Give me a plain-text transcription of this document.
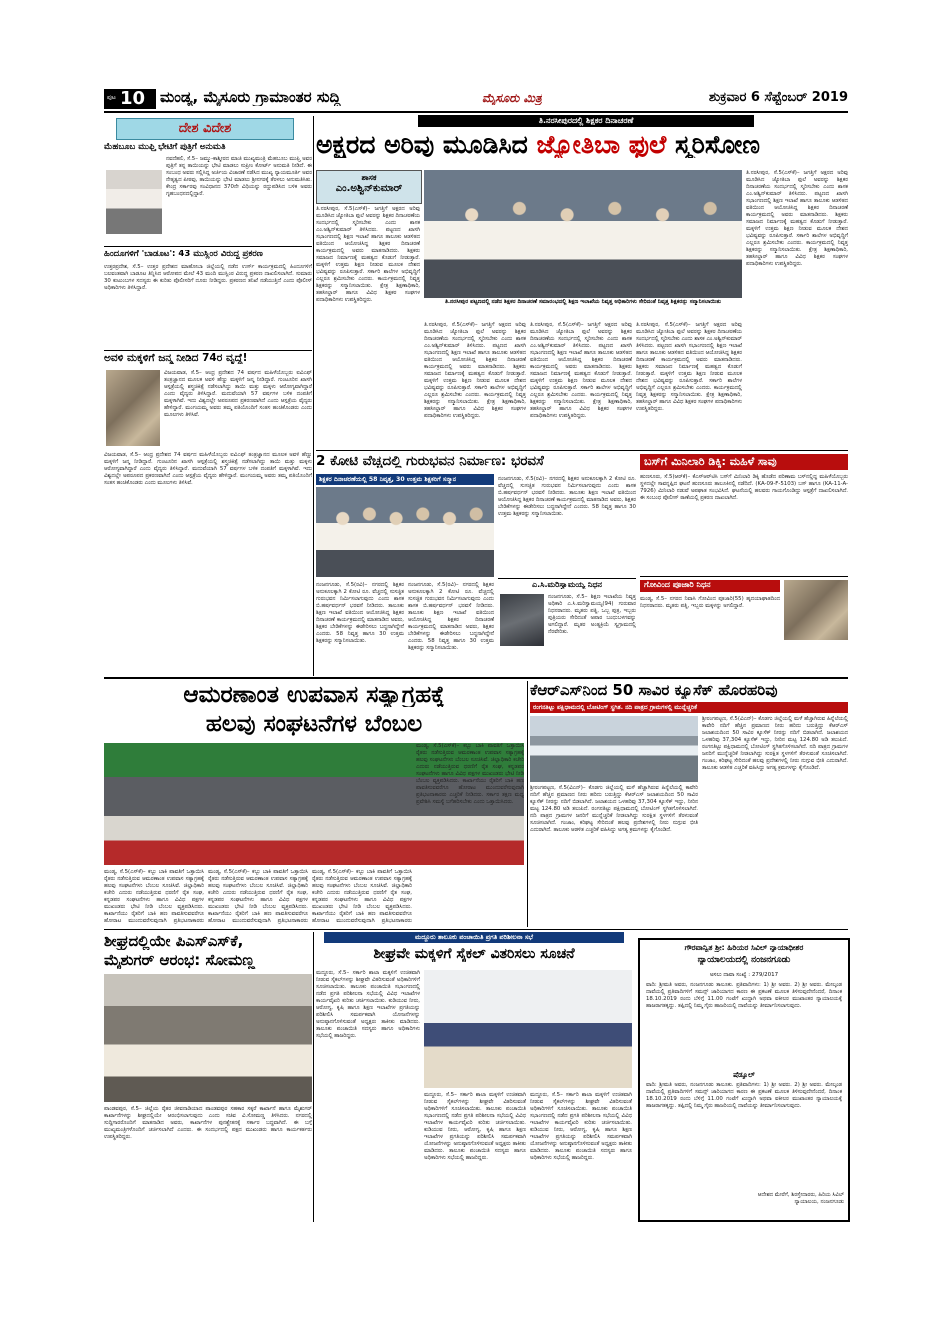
ಪುಟ 10 ಮಂಡ್ಯ, ಮೈಸೂರು ಗ್ರಾಮಾಂತರ ಸುದ್ದಿ	ಮೈಸೂರು ಮಿತ್ರ	ಶುಕ್ರವಾರ 6 ಸೆಪ್ಟೆಂಬರ್ 2019
ದೇಶ ವಿದೇಶ
ಮೆಹಬೂಬ ಮುಫ್ತಿ ಭೇಟಿಗೆ ಪುತ್ರಿಗೆ ಅನುಮತಿ
ನವದೆಹಲಿ, ಸೆ.5– ಜಮ್ಮು-ಕಾಶ್ಮೀರದ ಮಾಜಿ ಮುಖ್ಯಮಂತ್ರಿ ಮೆಹಬೂಬ ಮುಫ್ತಿ ಅವರ ಪುತ್ರಿಗೆ ತನ್ನ ತಾಯಿಯನ್ನು ಭೇಟಿ ಮಾಡಲು ಸುಪ್ರೀಂ ಕೋರ್ಟ್ ಅನುಮತಿ ನೀಡಿದೆ. ಈ ಸಂಬಂಧ ಅವರು ಸಲ್ಲಿಸಿದ್ದ ಅರ್ಜಿಯ ವಿಚಾರಣೆ ನಡೆಸಿದ ಮುಖ್ಯ ನ್ಯಾಯಮೂರ್ತಿ ಅವರ ನೇತೃತ್ವದ ಪೀಠವು, ತಾಯಿಯನ್ನು ಭೇಟಿ ಮಾಡಲು ಶ್ರೀನಗರಕ್ಕೆ ತೆರಳಲು ಅನುಮತಿಸಿತು. ಕೇಂದ್ರ ಸರ್ಕಾರವು ಸಂವಿಧಾನದ 370ನೇ ವಿಧಿಯನ್ನು ರದ್ದುಪಡಿಸಿದ ಬಳಿಕ ಅವರು ಗೃಹಬಂಧನದಲ್ಲಿದ್ದಾರೆ.
ಹಿಂದೂಗಳಿಗೆ 'ಬಾಡೂಟ': 43 ಮುಸ್ಲಿಂರ ವಿರುದ್ಧ ಪ್ರಕರಣ
ಉತ್ತರಪ್ರದೇಶ, ಸೆ.5– ಉತ್ತರ ಪ್ರದೇಶದ ಮಾಹೋಬಾ ಜಿಲ್ಲೆಯಲ್ಲಿ ನಡೆದ ಉರ್ಸ್ ಕಾರ್ಯಕ್ರಮದಲ್ಲಿ ಹಿಂದೂಗಳಿಗೆ ಬಲವಂತವಾಗಿ ಬಾಡೂಟ ತಿನ್ನಿಸಿದ ಆರೋಪದ ಮೇಲೆ 43 ಮಂದಿ ಮುಸ್ಲಿಂರ ವಿರುದ್ಧ ಪ್ರಕರಣ ದಾಖಲಿಸಲಾಗಿದೆ. ಸುಮಾರು 30 ಕುಟುಂಬಗಳ ಸದಸ್ಯರು ಈ ಕುರಿತು ಪೊಲೀಸರಿಗೆ ದೂರು ನೀಡಿದ್ದರು. ಪ್ರಕರಣದ ತನಿಖೆ ನಡೆಯುತ್ತಿದೆ ಎಂದು ಪೊಲೀಸ್ ಅಧಿಕಾರಿಗಳು ತಿಳಿಸಿದ್ದಾರೆ.
ಅವಳಿ ಮಕ್ಕಳಿಗೆ ಜನ್ಮ ನೀಡಿದ 74ರ ವೃದ್ಧೆ!
ವಿಜಯವಾಡ, ಸೆ.5– ಆಂಧ್ರ ಪ್ರದೇಶದ 74 ವರ್ಷದ ಮಹಿಳೆಯೊಬ್ಬರು ಐವಿಎಫ್ ತಂತ್ರಜ್ಞಾನದ ಮೂಲಕ ಅವಳಿ ಹೆಣ್ಣು ಮಕ್ಕಳಿಗೆ ಜನ್ಮ ನೀಡಿದ್ದಾರೆ. ಗುಂಟೂರಿನ ಖಾಸಗಿ ಆಸ್ಪತ್ರೆಯಲ್ಲಿ ಶಸ್ತ್ರಚಿಕಿತ್ಸೆ ನಡೆಸಲಾಗಿದ್ದು ತಾಯಿ ಮತ್ತು ಮಕ್ಕಳು ಆರೋಗ್ಯವಾಗಿದ್ದಾರೆ ಎಂದು ವೈದ್ಯರು ತಿಳಿಸಿದ್ದಾರೆ. ಮದುವೆಯಾಗಿ 57 ವರ್ಷಗಳ ಬಳಿಕ ದಂಪತಿಗೆ ಮಕ್ಕಳಾಗಿವೆ. ಇದು ವಿಶ್ವದಲ್ಲೇ ಅಪರೂಪದ ಪ್ರಕರಣವಾಗಿದೆ ಎಂದು ಆಸ್ಪತ್ರೆಯ ವೈದ್ಯರು ಹೇಳಿದ್ದಾರೆ. ಮಂಗಯಮ್ಮ ಅವರು ತಮ್ಮ ಪತಿಯೊಂದಿಗೆ ಸಂತಸ ಹಂಚಿಕೊಂಡರು ಎಂದು ಮೂಲಗಳು ತಿಳಿಸಿವೆ.
ವಿಜಯವಾಡ, ಸೆ.5– ಆಂಧ್ರ ಪ್ರದೇಶದ 74 ವರ್ಷದ ಮಹಿಳೆಯೊಬ್ಬರು ಐವಿಎಫ್ ತಂತ್ರಜ್ಞಾನದ ಮೂಲಕ ಅವಳಿ ಹೆಣ್ಣು ಮಕ್ಕಳಿಗೆ ಜನ್ಮ ನೀಡಿದ್ದಾರೆ. ಗುಂಟೂರಿನ ಖಾಸಗಿ ಆಸ್ಪತ್ರೆಯಲ್ಲಿ ಶಸ್ತ್ರಚಿಕಿತ್ಸೆ ನಡೆಸಲಾಗಿದ್ದು ತಾಯಿ ಮತ್ತು ಮಕ್ಕಳು ಆರೋಗ್ಯವಾಗಿದ್ದಾರೆ ಎಂದು ವೈದ್ಯರು ತಿಳಿಸಿದ್ದಾರೆ. ಮದುವೆಯಾಗಿ 57 ವರ್ಷಗಳ ಬಳಿಕ ದಂಪತಿಗೆ ಮಕ್ಕಳಾಗಿವೆ. ಇದು ವಿಶ್ವದಲ್ಲೇ ಅಪರೂಪದ ಪ್ರಕರಣವಾಗಿದೆ ಎಂದು ಆಸ್ಪತ್ರೆಯ ವೈದ್ಯರು ಹೇಳಿದ್ದಾರೆ. ಮಂಗಯಮ್ಮ ಅವರು ತಮ್ಮ ಪತಿಯೊಂದಿಗೆ ಸಂತಸ ಹಂಚಿಕೊಂಡರು ಎಂದು ಮೂಲಗಳು ತಿಳಿಸಿವೆ.
ತಿ.ನರಸೀಪುರದಲ್ಲಿ ಶಿಕ್ಷಕರ ದಿನಾಚರಣೆ
ಅಕ್ಷರದ ಅರಿವು ಮೂಡಿಸಿದ ಜ್ಯೋತಿಬಾ ಫುಲೆ ಸ್ಮರಿಸೋಣ
ಶಾಸಕ
ಎಂ.ಅಶ್ವಿನ್‌ಕುಮಾರ್
ತಿ.ನರಸೀಪುರ, ಸೆ.5(ಎಸ್‌ಕೆ)– ಜಗತ್ತಿಗೆ ಅಕ್ಷರದ ಅರಿವು ಮೂಡಿಸಿದ ಜ್ಯೋತಿಬಾ ಫುಲೆ ಅವರನ್ನು ಶಿಕ್ಷಕರ ದಿನಾಚರಣೆಯ ಸಂದರ್ಭದಲ್ಲಿ ಸ್ಮರಿಸಬೇಕು ಎಂದು ಶಾಸಕ ಎಂ.ಅಶ್ವಿನ್‌ಕುಮಾರ್ ತಿಳಿಸಿದರು. ಪಟ್ಟಣದ ಖಾಸಗಿ ಸಭಾಂಗಣದಲ್ಲಿ ಶಿಕ್ಷಣ ಇಲಾಖೆ ಹಾಗೂ ತಾಲೂಕು ಆಡಳಿತದ ವತಿಯಿಂದ ಆಯೋಜಿಸಿದ್ದ ಶಿಕ್ಷಕರ ದಿನಾಚರಣೆ ಕಾರ್ಯಕ್ರಮದಲ್ಲಿ ಅವರು ಮಾತನಾಡಿದರು. ಶಿಕ್ಷಕರು ಸಮಾಜದ ನಿರ್ಮಾಣಕ್ಕೆ ಮಹತ್ವದ ಕೊಡುಗೆ ನೀಡುತ್ತಾರೆ. ಮಕ್ಕಳಿಗೆ ಉತ್ತಮ ಶಿಕ್ಷಣ ನೀಡುವ ಮೂಲಕ ದೇಶದ ಭವಿಷ್ಯವನ್ನು ರೂಪಿಸುತ್ತಾರೆ. ಸರ್ಕಾರಿ ಶಾಲೆಗಳ ಅಭಿವೃದ್ಧಿಗೆ ಎಲ್ಲರೂ ಶ್ರಮಿಸಬೇಕು ಎಂದರು. ಕಾರ್ಯಕ್ರಮದಲ್ಲಿ ನಿವೃತ್ತ ಶಿಕ್ಷಕರನ್ನು ಸನ್ಮಾನಿಸಲಾಯಿತು. ಕ್ಷೇತ್ರ ಶಿಕ್ಷಣಾಧಿಕಾರಿ, ತಹಸೀಲ್ದಾರ್ ಹಾಗೂ ವಿವಿಧ ಶಿಕ್ಷಕರ ಸಂಘಗಳ ಪದಾಧಿಕಾರಿಗಳು ಉಪಸ್ಥಿತರಿದ್ದರು.	ತಿ.ನರಸೀಪುರ ಪಟ್ಟಣದಲ್ಲಿ ನಡೆದ ಶಿಕ್ಷಕರ ದಿನಾಚರಣೆ ಸಮಾರಂಭದಲ್ಲಿ ಶಿಕ್ಷಣ ಇಲಾಖೆಯ ನಿವೃತ್ತ ಅಧಿಕಾರಿಗಳು ಸೇರಿದಂತೆ ನಿವೃತ್ತ ಶಿಕ್ಷಕರನ್ನು ಸನ್ಮಾನಿಸಲಾಯಿತು
ತಿ.ನರಸೀಪುರ, ಸೆ.5(ಎಸ್‌ಕೆ)– ಜಗತ್ತಿಗೆ ಅಕ್ಷರದ ಅರಿವು ಮೂಡಿಸಿದ ಜ್ಯೋತಿಬಾ ಫುಲೆ ಅವರನ್ನು ಶಿಕ್ಷಕರ ದಿನಾಚರಣೆಯ ಸಂದರ್ಭದಲ್ಲಿ ಸ್ಮರಿಸಬೇಕು ಎಂದು ಶಾಸಕ ಎಂ.ಅಶ್ವಿನ್‌ಕುಮಾರ್ ತಿಳಿಸಿದರು. ಪಟ್ಟಣದ ಖಾಸಗಿ ಸಭಾಂಗಣದಲ್ಲಿ ಶಿಕ್ಷಣ ಇಲಾಖೆ ಹಾಗೂ ತಾಲೂಕು ಆಡಳಿತದ ವತಿಯಿಂದ ಆಯೋಜಿಸಿದ್ದ ಶಿಕ್ಷಕರ ದಿನಾಚರಣೆ ಕಾರ್ಯಕ್ರಮದಲ್ಲಿ ಅವರು ಮಾತನಾಡಿದರು. ಶಿಕ್ಷಕರು ಸಮಾಜದ ನಿರ್ಮಾಣಕ್ಕೆ ಮಹತ್ವದ ಕೊಡುಗೆ ನೀಡುತ್ತಾರೆ. ಮಕ್ಕಳಿಗೆ ಉತ್ತಮ ಶಿಕ್ಷಣ ನೀಡುವ ಮೂಲಕ ದೇಶದ ಭವಿಷ್ಯವನ್ನು ರೂಪಿಸುತ್ತಾರೆ. ಸರ್ಕಾರಿ ಶಾಲೆಗಳ ಅಭಿವೃದ್ಧಿಗೆ ಎಲ್ಲರೂ ಶ್ರಮಿಸಬೇಕು ಎಂದರು. ಕಾರ್ಯಕ್ರಮದಲ್ಲಿ ನಿವೃತ್ತ ಶಿಕ್ಷಕರನ್ನು ಸನ್ಮಾನಿಸಲಾಯಿತು. ಕ್ಷೇತ್ರ ಶಿಕ್ಷಣಾಧಿಕಾರಿ, ತಹಸೀಲ್ದಾರ್ ಹಾಗೂ ವಿವಿಧ ಶಿಕ್ಷಕರ ಸಂಘಗಳ ಪದಾಧಿಕಾರಿಗಳು ಉಪಸ್ಥಿತರಿದ್ದರು.
ತಿ.ನರಸೀಪುರ, ಸೆ.5(ಎಸ್‌ಕೆ)– ಜಗತ್ತಿಗೆ ಅಕ್ಷರದ ಅರಿವು ಮೂಡಿಸಿದ ಜ್ಯೋತಿಬಾ ಫುಲೆ ಅವರನ್ನು ಶಿಕ್ಷಕರ ದಿನಾಚರಣೆಯ ಸಂದರ್ಭದಲ್ಲಿ ಸ್ಮರಿಸಬೇಕು ಎಂದು ಶಾಸಕ ಎಂ.ಅಶ್ವಿನ್‌ಕುಮಾರ್ ತಿಳಿಸಿದರು. ಪಟ್ಟಣದ ಖಾಸಗಿ ಸಭಾಂಗಣದಲ್ಲಿ ಶಿಕ್ಷಣ ಇಲಾಖೆ ಹಾಗೂ ತಾಲೂಕು ಆಡಳಿತದ ವತಿಯಿಂದ ಆಯೋಜಿಸಿದ್ದ ಶಿಕ್ಷಕರ ದಿನಾಚರಣೆ ಕಾರ್ಯಕ್ರಮದಲ್ಲಿ ಅವರು ಮಾತನಾಡಿದರು. ಶಿಕ್ಷಕರು ಸಮಾಜದ ನಿರ್ಮಾಣಕ್ಕೆ ಮಹತ್ವದ ಕೊಡುಗೆ ನೀಡುತ್ತಾರೆ. ಮಕ್ಕಳಿಗೆ ಉತ್ತಮ ಶಿಕ್ಷಣ ನೀಡುವ ಮೂಲಕ ದೇಶದ ಭವಿಷ್ಯವನ್ನು ರೂಪಿಸುತ್ತಾರೆ. ಸರ್ಕಾರಿ ಶಾಲೆಗಳ ಅಭಿವೃದ್ಧಿಗೆ ಎಲ್ಲರೂ ಶ್ರಮಿಸಬೇಕು ಎಂದರು. ಕಾರ್ಯಕ್ರಮದಲ್ಲಿ ನಿವೃತ್ತ ಶಿಕ್ಷಕರನ್ನು ಸನ್ಮಾನಿಸಲಾಯಿತು. ಕ್ಷೇತ್ರ ಶಿಕ್ಷಣಾಧಿಕಾರಿ, ತಹಸೀಲ್ದಾರ್ ಹಾಗೂ ವಿವಿಧ ಶಿಕ್ಷಕರ ಸಂಘಗಳ ಪದಾಧಿಕಾರಿಗಳು ಉಪಸ್ಥಿತರಿದ್ದರು.
ತಿ.ನರಸೀಪುರ, ಸೆ.5(ಎಸ್‌ಕೆ)– ಜಗತ್ತಿಗೆ ಅಕ್ಷರದ ಅರಿವು ಮೂಡಿಸಿದ ಜ್ಯೋತಿಬಾ ಫುಲೆ ಅವರನ್ನು ಶಿಕ್ಷಕರ ದಿನಾಚರಣೆಯ ಸಂದರ್ಭದಲ್ಲಿ ಸ್ಮರಿಸಬೇಕು ಎಂದು ಶಾಸಕ ಎಂ.ಅಶ್ವಿನ್‌ಕುಮಾರ್ ತಿಳಿಸಿದರು. ಪಟ್ಟಣದ ಖಾಸಗಿ ಸಭಾಂಗಣದಲ್ಲಿ ಶಿಕ್ಷಣ ಇಲಾಖೆ ಹಾಗೂ ತಾಲೂಕು ಆಡಳಿತದ ವತಿಯಿಂದ ಆಯೋಜಿಸಿದ್ದ ಶಿಕ್ಷಕರ ದಿನಾಚರಣೆ ಕಾರ್ಯಕ್ರಮದಲ್ಲಿ ಅವರು ಮಾತನಾಡಿದರು. ಶಿಕ್ಷಕರು ಸಮಾಜದ ನಿರ್ಮಾಣಕ್ಕೆ ಮಹತ್ವದ ಕೊಡುಗೆ ನೀಡುತ್ತಾರೆ. ಮಕ್ಕಳಿಗೆ ಉತ್ತಮ ಶಿಕ್ಷಣ ನೀಡುವ ಮೂಲಕ ದೇಶದ ಭವಿಷ್ಯವನ್ನು ರೂಪಿಸುತ್ತಾರೆ. ಸರ್ಕಾರಿ ಶಾಲೆಗಳ ಅಭಿವೃದ್ಧಿಗೆ ಎಲ್ಲರೂ ಶ್ರಮಿಸಬೇಕು ಎಂದರು. ಕಾರ್ಯಕ್ರಮದಲ್ಲಿ ನಿವೃತ್ತ ಶಿಕ್ಷಕರನ್ನು ಸನ್ಮಾನಿಸಲಾಯಿತು. ಕ್ಷೇತ್ರ ಶಿಕ್ಷಣಾಧಿಕಾರಿ, ತಹಸೀಲ್ದಾರ್ ಹಾಗೂ ವಿವಿಧ ಶಿಕ್ಷಕರ ಸಂಘಗಳ ಪದಾಧಿಕಾರಿಗಳು ಉಪಸ್ಥಿತರಿದ್ದರು.
ತಿ.ನರಸೀಪುರ, ಸೆ.5(ಎಸ್‌ಕೆ)– ಜಗತ್ತಿಗೆ ಅಕ್ಷರದ ಅರಿವು ಮೂಡಿಸಿದ ಜ್ಯೋತಿಬಾ ಫುಲೆ ಅವರನ್ನು ಶಿಕ್ಷಕರ ದಿನಾಚರಣೆಯ ಸಂದರ್ಭದಲ್ಲಿ ಸ್ಮರಿಸಬೇಕು ಎಂದು ಶಾಸಕ ಎಂ.ಅಶ್ವಿನ್‌ಕುಮಾರ್ ತಿಳಿಸಿದರು. ಪಟ್ಟಣದ ಖಾಸಗಿ ಸಭಾಂಗಣದಲ್ಲಿ ಶಿಕ್ಷಣ ಇಲಾಖೆ ಹಾಗೂ ತಾಲೂಕು ಆಡಳಿತದ ವತಿಯಿಂದ ಆಯೋಜಿಸಿದ್ದ ಶಿಕ್ಷಕರ ದಿನಾಚರಣೆ ಕಾರ್ಯಕ್ರಮದಲ್ಲಿ ಅವರು ಮಾತನಾಡಿದರು. ಶಿಕ್ಷಕರು ಸಮಾಜದ ನಿರ್ಮಾಣಕ್ಕೆ ಮಹತ್ವದ ಕೊಡುಗೆ ನೀಡುತ್ತಾರೆ. ಮಕ್ಕಳಿಗೆ ಉತ್ತಮ ಶಿಕ್ಷಣ ನೀಡುವ ಮೂಲಕ ದೇಶದ ಭವಿಷ್ಯವನ್ನು ರೂಪಿಸುತ್ತಾರೆ. ಸರ್ಕಾರಿ ಶಾಲೆಗಳ ಅಭಿವೃದ್ಧಿಗೆ ಎಲ್ಲರೂ ಶ್ರಮಿಸಬೇಕು ಎಂದರು. ಕಾರ್ಯಕ್ರಮದಲ್ಲಿ ನಿವೃತ್ತ ಶಿಕ್ಷಕರನ್ನು ಸನ್ಮಾನಿಸಲಾಯಿತು. ಕ್ಷೇತ್ರ ಶಿಕ್ಷಣಾಧಿಕಾರಿ, ತಹಸೀಲ್ದಾರ್ ಹಾಗೂ ವಿವಿಧ ಶಿಕ್ಷಕರ ಸಂಘಗಳ ಪದಾಧಿಕಾರಿಗಳು ಉಪಸ್ಥಿತರಿದ್ದರು.
2 ಕೋಟಿ ವೆಚ್ಚದಲ್ಲಿ ಗುರುಭವನ ನಿರ್ಮಾಣ: ಭರವಸೆ
ಶಿಕ್ಷಕರ ದಿನಾಚರಣೆಯಲ್ಲಿ 58 ನಿವೃತ್ತ, 30 ಉತ್ತಮ ಶಿಕ್ಷಕರಿಗೆ ಸನ್ಮಾನ
ನಂಜನಗೂಡು, ಸೆ.5(ರವಿ)– ನಗರದಲ್ಲಿ ಶಿಕ್ಷಕರ ಅನುಕೂಲಕ್ಕಾಗಿ 2 ಕೋಟಿ ರೂ. ವೆಚ್ಚದಲ್ಲಿ ಸುಸಜ್ಜಿತ ಗುರುಭವನ ನಿರ್ಮಿಸಲಾಗುವುದು ಎಂದು ಶಾಸಕ ಬಿ.ಹರ್ಷವರ್ಧನ್ ಭರವಸೆ ನೀಡಿದರು. ತಾಲೂಕು ಶಿಕ್ಷಣ ಇಲಾಖೆ ವತಿಯಿಂದ ಆಯೋಜಿಸಿದ್ದ ಶಿಕ್ಷಕರ ದಿನಾಚರಣೆ ಕಾರ್ಯಕ್ರಮದಲ್ಲಿ ಮಾತನಾಡಿದ ಅವರು, ಶಿಕ್ಷಕರ ಬೇಡಿಕೆಗಳನ್ನು ಈಡೇರಿಸಲು ಬದ್ಧನಾಗಿದ್ದೇನೆ ಎಂದರು. 58 ನಿವೃತ್ತ ಹಾಗೂ 30 ಉತ್ತಮ ಶಿಕ್ಷಕರನ್ನು ಸನ್ಮಾನಿಸಲಾಯಿತು.
ನಂಜನಗೂಡು, ಸೆ.5(ರವಿ)– ನಗರದಲ್ಲಿ ಶಿಕ್ಷಕರ ಅನುಕೂಲಕ್ಕಾಗಿ 2 ಕೋಟಿ ರೂ. ವೆಚ್ಚದಲ್ಲಿ ಸುಸಜ್ಜಿತ ಗುರುಭವನ ನಿರ್ಮಿಸಲಾಗುವುದು ಎಂದು ಶಾಸಕ ಬಿ.ಹರ್ಷವರ್ಧನ್ ಭರವಸೆ ನೀಡಿದರು. ತಾಲೂಕು ಶಿಕ್ಷಣ ಇಲಾಖೆ ವತಿಯಿಂದ ಆಯೋಜಿಸಿದ್ದ ಶಿಕ್ಷಕರ ದಿನಾಚರಣೆ ಕಾರ್ಯಕ್ರಮದಲ್ಲಿ ಮಾತನಾಡಿದ ಅವರು, ಶಿಕ್ಷಕರ ಬೇಡಿಕೆಗಳನ್ನು ಈಡೇರಿಸಲು ಬದ್ಧನಾಗಿದ್ದೇನೆ ಎಂದರು. 58 ನಿವೃತ್ತ ಹಾಗೂ 30 ಉತ್ತಮ ಶಿಕ್ಷಕರನ್ನು ಸನ್ಮಾನಿಸಲಾಯಿತು.
ನಂಜನಗೂಡು, ಸೆ.5(ರವಿ)– ನಗರದಲ್ಲಿ ಶಿಕ್ಷಕರ ಅನುಕೂಲಕ್ಕಾಗಿ 2 ಕೋಟಿ ರೂ. ವೆಚ್ಚದಲ್ಲಿ ಸುಸಜ್ಜಿತ ಗುರುಭವನ ನಿರ್ಮಿಸಲಾಗುವುದು ಎಂದು ಶಾಸಕ ಬಿ.ಹರ್ಷವರ್ಧನ್ ಭರವಸೆ ನೀಡಿದರು. ತಾಲೂಕು ಶಿಕ್ಷಣ ಇಲಾಖೆ ವತಿಯಿಂದ ಆಯೋಜಿಸಿದ್ದ ಶಿಕ್ಷಕರ ದಿನಾಚರಣೆ ಕಾರ್ಯಕ್ರಮದಲ್ಲಿ ಮಾತನಾಡಿದ ಅವರು, ಶಿಕ್ಷಕರ ಬೇಡಿಕೆಗಳನ್ನು ಈಡೇರಿಸಲು ಬದ್ಧನಾಗಿದ್ದೇನೆ ಎಂದರು. 58 ನಿವೃತ್ತ ಹಾಗೂ 30 ಉತ್ತಮ ಶಿಕ್ಷಕರನ್ನು ಸನ್ಮಾನಿಸಲಾಯಿತು.
ಎ.ಸಿ.ಮರಿಸ್ವಾಮಯ್ಯ ನಿಧನ
ನಂಜನಗೂಡು, ಸೆ.5– ಶಿಕ್ಷಣ ಇಲಾಖೆಯ ನಿವೃತ್ತ ಅಧಿಕಾರಿ ಎ.ಸಿ.ಮರಿಸ್ವಾಮಯ್ಯ(94) ಗುರುವಾರ ನಿಧನರಾದರು. ಮೃತರು ಪತ್ನಿ, ಒಬ್ಬ ಪುತ್ರ, ಇಬ್ಬರು ಪುತ್ರಿಯರು ಸೇರಿದಂತೆ ಅಪಾರ ಬಂಧುಬಳಗವನ್ನು ಅಗಲಿದ್ದಾರೆ. ಮೃತರ ಅಂತ್ಯಕ್ರಿಯೆ ಸ್ವಗ್ರಾಮದಲ್ಲಿ ನೆರವೇರಿತು.
ಬಸ್‌ಗೆ ಮಿನಿಲಾರಿ ಡಿಕ್ಕಿ: ಮಹಿಳೆ ಸಾವು
ಹುಣಸೂರು, ಸೆ.5(ಆರ್‌ಕೆ)– ಕೆಎಸ್‌ಆರ್‌ಟಿಸಿ ಬಸ್‌ಗೆ ಮಿನಿಲಾರಿ ಡಿಕ್ಕಿ ಹೊಡೆದ ಪರಿಣಾಮ ಬಸ್‌ನಲ್ಲಿದ್ದ ಮಹಿಳೆಯೊಬ್ಬರು ಸ್ಥಳದಲ್ಲೇ ಸಾವನ್ನಪ್ಪಿದ ಘಟನೆ ಹುಣಸೂರು ತಾಲೂಕಿನಲ್ಲಿ ನಡೆದಿದೆ. (KA-09-F-5103) ಬಸ್ ಹಾಗೂ (KA-11-A-7926) ಮಿನಿಲಾರಿ ನಡುವೆ ಅಪಘಾತ ಸಂಭವಿಸಿದೆ. ಘಟನೆಯಲ್ಲಿ ಹಲವರು ಗಾಯಗೊಂಡಿದ್ದು ಆಸ್ಪತ್ರೆಗೆ ದಾಖಲಿಸಲಾಗಿದೆ. ಈ ಸಂಬಂಧ ಪೊಲೀಸ್ ಠಾಣೆಯಲ್ಲಿ ಪ್ರಕರಣ ದಾಖಲಾಗಿದೆ.
ಗೋವಿಂದ ಪೂಜಾರಿ ನಿಧನ
ಮಂಡ್ಯ, ಸೆ.5– ನಗರದ ನಿವಾಸಿ ಗೋವಿಂದ ಪೂಜಾರಿ(55) ಹೃದಯಾಘಾತದಿಂದ ನಿಧನರಾದರು. ಮೃತರು ಪತ್ನಿ, ಇಬ್ಬರು ಮಕ್ಕಳನ್ನು ಅಗಲಿದ್ದಾರೆ.
ಆಮರಣಾಂತ ಉಪವಾಸ ಸತ್ಯಾಗ್ರಹಕ್ಕೆ
ಹಲವು ಸಂಘಟನೆಗಳ ಬೆಂಬಲ
ಮಂಡ್ಯ, ಸೆ.5(ಎಸ್‌ಕೆ)– ಕಬ್ಬು ಬಾಕಿ ಪಾವತಿಗೆ ಒತ್ತಾಯಿಸಿ ರೈತರು ನಡೆಸುತ್ತಿರುವ ಆಮರಣಾಂತ ಉಪವಾಸ ಸತ್ಯಾಗ್ರಹಕ್ಕೆ ಹಲವು ಸಂಘಟನೆಗಳು ಬೆಂಬಲ ಸೂಚಿಸಿವೆ. ಜಿಲ್ಲಾಧಿಕಾರಿ ಕಚೇರಿ ಎದುರು ನಡೆಯುತ್ತಿರುವ ಧರಣಿಗೆ ರೈತ ಸಂಘ, ಕನ್ನಡಪರ ಸಂಘಟನೆಗಳು ಹಾಗೂ ವಿವಿಧ ಪಕ್ಷಗಳ ಮುಖಂಡರು ಭೇಟಿ ನೀಡಿ ಬೆಂಬಲ ವ್ಯಕ್ತಪಡಿಸಿದರು. ಕಾರ್ಖಾನೆಯು ರೈತರಿಗೆ ಬಾಕಿ ಹಣ ಪಾವತಿಸುವವರೆಗೂ ಹೋರಾಟ ಮುಂದುವರೆಸುವುದಾಗಿ ಪ್ರತಿಭಟನಾಕಾರರು
ಮಂಡ್ಯ, ಸೆ.5(ಎಸ್‌ಕೆ)– ಕಬ್ಬು ಬಾಕಿ ಪಾವತಿಗೆ ಒತ್ತಾಯಿಸಿ ರೈತರು ನಡೆಸುತ್ತಿರುವ ಆಮರಣಾಂತ ಉಪವಾಸ ಸತ್ಯಾಗ್ರಹಕ್ಕೆ ಹಲವು ಸಂಘಟನೆಗಳು ಬೆಂಬಲ ಸೂಚಿಸಿವೆ. ಜಿಲ್ಲಾಧಿಕಾರಿ ಕಚೇರಿ ಎದುರು ನಡೆಯುತ್ತಿರುವ ಧರಣಿಗೆ ರೈತ ಸಂಘ, ಕನ್ನಡಪರ ಸಂಘಟನೆಗಳು ಹಾಗೂ ವಿವಿಧ ಪಕ್ಷಗಳ ಮುಖಂಡರು ಭೇಟಿ ನೀಡಿ ಬೆಂಬಲ ವ್ಯಕ್ತಪಡಿಸಿದರು. ಕಾರ್ಖಾನೆಯು ರೈತರಿಗೆ ಬಾಕಿ ಹಣ ಪಾವತಿಸುವವರೆಗೂ ಹೋರಾಟ ಮುಂದುವರೆಸುವುದಾಗಿ ಪ್ರತಿಭಟನಾಕಾರರು
ಮಂಡ್ಯ, ಸೆ.5(ಎಸ್‌ಕೆ)– ಕಬ್ಬು ಬಾಕಿ ಪಾವತಿಗೆ ಒತ್ತಾಯಿಸಿ ರೈತರು ನಡೆಸುತ್ತಿರುವ ಆಮರಣಾಂತ ಉಪವಾಸ ಸತ್ಯಾಗ್ರಹಕ್ಕೆ ಹಲವು ಸಂಘಟನೆಗಳು ಬೆಂಬಲ ಸೂಚಿಸಿವೆ. ಜಿಲ್ಲಾಧಿಕಾರಿ ಕಚೇರಿ ಎದುರು ನಡೆಯುತ್ತಿರುವ ಧರಣಿಗೆ ರೈತ ಸಂಘ, ಕನ್ನಡಪರ ಸಂಘಟನೆಗಳು ಹಾಗೂ ವಿವಿಧ ಪಕ್ಷಗಳ ಮುಖಂಡರು ಭೇಟಿ ನೀಡಿ ಬೆಂಬಲ ವ್ಯಕ್ತಪಡಿಸಿದರು. ಕಾರ್ಖಾನೆಯು ರೈತರಿಗೆ ಬಾಕಿ ಹಣ ಪಾವತಿಸುವವರೆಗೂ ಹೋರಾಟ ಮುಂದುವರೆಸುವುದಾಗಿ ಪ್ರತಿಭಟನಾಕಾರರು
ಮಂಡ್ಯ, ಸೆ.5(ಎಸ್‌ಕೆ)– ಕಬ್ಬು ಬಾಕಿ ಪಾವತಿಗೆ ಒತ್ತಾಯಿಸಿ ರೈತರು ನಡೆಸುತ್ತಿರುವ ಆಮರಣಾಂತ ಉಪವಾಸ ಸತ್ಯಾಗ್ರಹಕ್ಕೆ ಹಲವು ಸಂಘಟನೆಗಳು ಬೆಂಬಲ ಸೂಚಿಸಿವೆ. ಜಿಲ್ಲಾಧಿಕಾರಿ ಕಚೇರಿ ಎದುರು ನಡೆಯುತ್ತಿರುವ ಧರಣಿಗೆ ರೈತ ಸಂಘ, ಕನ್ನಡಪರ ಸಂಘಟನೆಗಳು ಹಾಗೂ ವಿವಿಧ ಪಕ್ಷಗಳ ಮುಖಂಡರು ಭೇಟಿ ನೀಡಿ ಬೆಂಬಲ ವ್ಯಕ್ತಪಡಿಸಿದರು. ಕಾರ್ಖಾನೆಯು ರೈತರಿಗೆ ಬಾಕಿ ಹಣ ಪಾವತಿಸುವವರೆಗೂ ಹೋರಾಟ ಮುಂದುವರೆಸುವುದಾಗಿ ಪ್ರತಿಭಟನಾಕಾರರು ಎಚ್ಚರಿಕೆ ನೀಡಿದರು. ಸರ್ಕಾರ ತಕ್ಷಣ ಮಧ್ಯ ಪ್ರವೇಶಿಸಿ ಸಮಸ್ಯೆ ಬಗೆಹರಿಸಬೇಕು ಎಂದು ಒತ್ತಾಯಿಸಿದರು.
ಕೆಆರ್‌ಎಸ್‌ನಿಂದ 50 ಸಾವಿರ ಕ್ಯೂಸೆಕ್ ಹೊರಹರಿವು
ರಂಗನತಿಟ್ಟು ಪಕ್ಷಿಧಾಮದಲ್ಲಿ ಬೋಟಿಂಗ್ ಸ್ಥಗಿತ. ನದಿ ಪಾತ್ರದ ಗ್ರಾಮಗಳಲ್ಲಿ ಮುನ್ನೆಚ್ಚರಿಕೆ
ಶ್ರೀರಂಗಪಟ್ಟಣ, ಸೆ.5(ವಿಎನ್)– ಕೊಡಗು ಜಿಲ್ಲೆಯಲ್ಲಿ ಮಳೆ ಹೆಚ್ಚಾಗಿರುವ ಹಿನ್ನೆಲೆಯಲ್ಲಿ ಕಾವೇರಿ ನದಿಗೆ ಹೆಚ್ಚಿನ ಪ್ರಮಾಣದ ನೀರು ಹರಿದು ಬರುತ್ತಿದ್ದು ಕೆಆರ್‌ಎಸ್ ಜಲಾಶಯದಿಂದ 50 ಸಾವಿರ ಕ್ಯೂಸೆಕ್ ನೀರನ್ನು ನದಿಗೆ ಬಿಡಲಾಗಿದೆ. ಜಲಾಶಯದ ಒಳಹರಿವು 37,304 ಕ್ಯೂಸೆಕ್ ಇದ್ದು, ನೀರಿನ ಮಟ್ಟ 124.80 ಅಡಿ ತಲುಪಿದೆ. ರಂಗನತಿಟ್ಟು ಪಕ್ಷಿಧಾಮದಲ್ಲಿ ಬೋಟಿಂಗ್ ಸ್ಥಗಿತಗೊಳಿಸಲಾಗಿದೆ. ನದಿ ಪಾತ್ರದ ಗ್ರಾಮಗಳ ಜನರಿಗೆ ಮುನ್ನೆಚ್ಚರಿಕೆ ನೀಡಲಾಗಿದ್ದು ಸುರಕ್ಷಿತ ಸ್ಥಳಗಳಿಗೆ ತೆರಳುವಂತೆ ಸೂಚಿಸಲಾಗಿದೆ. ಗಂಜಾಂ, ಕರಿಘಟ್ಟ ಸೇರಿದಂತೆ ಹಲವು ಪ್ರದೇಶಗಳಲ್ಲಿ ನೀರು ನುಗ್ಗುವ ಭೀತಿ ಎದುರಾಗಿದೆ. ತಾಲೂಕು ಆಡಳಿತ ಎಚ್ಚರಿಕೆ ವಹಿಸಿದ್ದು ಅಗತ್ಯ ಕ್ರಮಗಳನ್ನು ಕೈಗೊಂಡಿದೆ.
ಶ್ರೀರಂಗಪಟ್ಟಣ, ಸೆ.5(ವಿಎನ್)– ಕೊಡಗು ಜಿಲ್ಲೆಯಲ್ಲಿ ಮಳೆ ಹೆಚ್ಚಾಗಿರುವ ಹಿನ್ನೆಲೆಯಲ್ಲಿ ಕಾವೇರಿ ನದಿಗೆ ಹೆಚ್ಚಿನ ಪ್ರಮಾಣದ ನೀರು ಹರಿದು ಬರುತ್ತಿದ್ದು ಕೆಆರ್‌ಎಸ್ ಜಲಾಶಯದಿಂದ 50 ಸಾವಿರ ಕ್ಯೂಸೆಕ್ ನೀರನ್ನು ನದಿಗೆ ಬಿಡಲಾಗಿದೆ. ಜಲಾಶಯದ ಒಳಹರಿವು 37,304 ಕ್ಯೂಸೆಕ್ ಇದ್ದು, ನೀರಿನ ಮಟ್ಟ 124.80 ಅಡಿ ತಲುಪಿದೆ. ರಂಗನತಿಟ್ಟು ಪಕ್ಷಿಧಾಮದಲ್ಲಿ ಬೋಟಿಂಗ್ ಸ್ಥಗಿತಗೊಳಿಸಲಾಗಿದೆ. ನದಿ ಪಾತ್ರದ ಗ್ರಾಮಗಳ ಜನರಿಗೆ ಮುನ್ನೆಚ್ಚರಿಕೆ ನೀಡಲಾಗಿದ್ದು ಸುರಕ್ಷಿತ ಸ್ಥಳಗಳಿಗೆ ತೆರಳುವಂತೆ ಸೂಚಿಸಲಾಗಿದೆ. ಗಂಜಾಂ, ಕರಿಘಟ್ಟ ಸೇರಿದಂತೆ ಹಲವು ಪ್ರದೇಶಗಳಲ್ಲಿ ನೀರು ನುಗ್ಗುವ ಭೀತಿ ಎದುರಾಗಿದೆ. ತಾಲೂಕು ಆಡಳಿತ ಎಚ್ಚರಿಕೆ ವಹಿಸಿದ್ದು ಅಗತ್ಯ ಕ್ರಮಗಳನ್ನು ಕೈಗೊಂಡಿದೆ.
ಶೀಘ್ರದಲ್ಲಿಯೇ ಪಿಎಸ್‌ಎಸ್‌ಕೆ,
ಮೈಶುಗರ್ ಆರಂಭ: ಸೋಮಣ್ಣ
ಪಾಂಡವಪುರ, ಸೆ.5– ಜಿಲ್ಲೆಯ ರೈತರ ಜೀವನಾಡಿಯಾದ ಪಾಂಡವಪುರ ಸಹಕಾರ ಸಕ್ಕರೆ ಕಾರ್ಖಾನೆ ಹಾಗೂ ಮೈಶುಗರ್ ಕಾರ್ಖಾನೆಗಳನ್ನು ಶೀಘ್ರದಲ್ಲಿಯೇ ಆರಂಭಿಸಲಾಗುವುದು ಎಂದು ಸಚಿವ ವಿ.ಸೋಮಣ್ಣ ತಿಳಿಸಿದರು. ನಗರದಲ್ಲಿ ಸುದ್ದಿಗಾರರೊಂದಿಗೆ ಮಾತನಾಡಿದ ಅವರು, ಕಾರ್ಖಾನೆಗಳ ಪುನಶ್ಚೇತನಕ್ಕೆ ಸರ್ಕಾರ ಬದ್ಧವಾಗಿದೆ. ಈ ಬಗ್ಗೆ ಮುಖ್ಯಮಂತ್ರಿಗಳೊಂದಿಗೆ ಚರ್ಚಿಸಲಾಗಿದೆ ಎಂದರು. ಈ ಸಂದರ್ಭದಲ್ಲಿ ಪಕ್ಷದ ಮುಖಂಡರು ಹಾಗೂ ಕಾರ್ಯಕರ್ತರು ಉಪಸ್ಥಿತರಿದ್ದರು.
ಮದ್ದೂರು ತಾಲೂಕು ಪಂಚಾಯಿತಿ ಪ್ರಗತಿ ಪರಿಶೀಲನಾ ಸಭೆ
ಶೀಘ್ರವೇ ಮಕ್ಕಳಿಗೆ ಸೈಕಲ್ ವಿತರಿಸಲು ಸೂಚನೆ
ಮದ್ದೂರು, ಸೆ.5– ಸರ್ಕಾರಿ ಶಾಲಾ ಮಕ್ಕಳಿಗೆ ಉಚಿತವಾಗಿ ನೀಡುವ ಸೈಕಲ್‌ಗಳನ್ನು ಶೀಘ್ರವೇ ವಿತರಿಸುವಂತೆ ಅಧಿಕಾರಿಗಳಿಗೆ ಸೂಚಿಸಲಾಯಿತು. ತಾಲೂಕು ಪಂಚಾಯಿತಿ ಸಭಾಂಗಣದಲ್ಲಿ ನಡೆದ ಪ್ರಗತಿ ಪರಿಶೀಲನಾ ಸಭೆಯಲ್ಲಿ ವಿವಿಧ ಇಲಾಖೆಗಳ ಕಾರ್ಯವೈಖರಿ ಕುರಿತು ಚರ್ಚಿಸಲಾಯಿತು. ಕುಡಿಯುವ ನೀರು, ಆರೋಗ್ಯ, ಕೃಷಿ ಹಾಗೂ ಶಿಕ್ಷಣ ಇಲಾಖೆಗಳ ಪ್ರಗತಿಯನ್ನು ಪರಿಶೀಲಿಸಿ ಸಮರ್ಪಕವಾಗಿ ಯೋಜನೆಗಳನ್ನು ಅನುಷ್ಠಾನಗೊಳಿಸುವಂತೆ ಅಧ್ಯಕ್ಷರು ತಾಕೀತು ಮಾಡಿದರು. ತಾಲೂಕು ಪಂಚಾಯಿತಿ ಸದಸ್ಯರು ಹಾಗೂ ಅಧಿಕಾರಿಗಳು ಸಭೆಯಲ್ಲಿ ಹಾಜರಿದ್ದರು.
ಮದ್ದೂರು, ಸೆ.5– ಸರ್ಕಾರಿ ಶಾಲಾ ಮಕ್ಕಳಿಗೆ ಉಚಿತವಾಗಿ ನೀಡುವ ಸೈಕಲ್‌ಗಳನ್ನು ಶೀಘ್ರವೇ ವಿತರಿಸುವಂತೆ ಅಧಿಕಾರಿಗಳಿಗೆ ಸೂಚಿಸಲಾಯಿತು. ತಾಲೂಕು ಪಂಚಾಯಿತಿ ಸಭಾಂಗಣದಲ್ಲಿ ನಡೆದ ಪ್ರಗತಿ ಪರಿಶೀಲನಾ ಸಭೆಯಲ್ಲಿ ವಿವಿಧ ಇಲಾಖೆಗಳ ಕಾರ್ಯವೈಖರಿ ಕುರಿತು ಚರ್ಚಿಸಲಾಯಿತು. ಕುಡಿಯುವ ನೀರು, ಆರೋಗ್ಯ, ಕೃಷಿ ಹಾಗೂ ಶಿಕ್ಷಣ ಇಲಾಖೆಗಳ ಪ್ರಗತಿಯನ್ನು ಪರಿಶೀಲಿಸಿ ಸಮರ್ಪಕವಾಗಿ ಯೋಜನೆಗಳನ್ನು ಅನುಷ್ಠಾನಗೊಳಿಸುವಂತೆ ಅಧ್ಯಕ್ಷರು ತಾಕೀತು ಮಾಡಿದರು. ತಾಲೂಕು ಪಂಚಾಯಿತಿ ಸದಸ್ಯರು ಹಾಗೂ ಅಧಿಕಾರಿಗಳು ಸಭೆಯಲ್ಲಿ ಹಾಜರಿದ್ದರು.
ಮದ್ದೂರು, ಸೆ.5– ಸರ್ಕಾರಿ ಶಾಲಾ ಮಕ್ಕಳಿಗೆ ಉಚಿತವಾಗಿ ನೀಡುವ ಸೈಕಲ್‌ಗಳನ್ನು ಶೀಘ್ರವೇ ವಿತರಿಸುವಂತೆ ಅಧಿಕಾರಿಗಳಿಗೆ ಸೂಚಿಸಲಾಯಿತು. ತಾಲೂಕು ಪಂಚಾಯಿತಿ ಸಭಾಂಗಣದಲ್ಲಿ ನಡೆದ ಪ್ರಗತಿ ಪರಿಶೀಲನಾ ಸಭೆಯಲ್ಲಿ ವಿವಿಧ ಇಲಾಖೆಗಳ ಕಾರ್ಯವೈಖರಿ ಕುರಿತು ಚರ್ಚಿಸಲಾಯಿತು. ಕುಡಿಯುವ ನೀರು, ಆರೋಗ್ಯ, ಕೃಷಿ ಹಾಗೂ ಶಿಕ್ಷಣ ಇಲಾಖೆಗಳ ಪ್ರಗತಿಯನ್ನು ಪರಿಶೀಲಿಸಿ ಸಮರ್ಪಕವಾಗಿ ಯೋಜನೆಗಳನ್ನು ಅನುಷ್ಠಾನಗೊಳಿಸುವಂತೆ ಅಧ್ಯಕ್ಷರು ತಾಕೀತು ಮಾಡಿದರು. ತಾಲೂಕು ಪಂಚಾಯಿತಿ ಸದಸ್ಯರು ಹಾಗೂ ಅಧಿಕಾರಿಗಳು ಸಭೆಯಲ್ಲಿ ಹಾಜರಿದ್ದರು.
ಗೌರವಾನ್ವಿತ ಶ್ರೀ: ಹಿರಿಯರ ಸಿವಿಲ್ ನ್ಯಾಯಾಧೀಶರ
ನ್ಯಾಯಾಲಯದಲ್ಲಿ ನಂಜನಗೂಡು
ಅಸಲು ದಾವಾ ಸಂಖ್ಯೆ : 279/2017
ವಾದಿ: ಶ್ರೀಮತಿ ಅವರು, ನಂಜನಗೂಡು ತಾಲೂಕು. ಪ್ರತಿವಾದಿಗಳು: 1) ಶ್ರೀ ಅವರು. 2) ಶ್ರೀ ಅವರು. ಮೇಲ್ಕಂಡ ದಾವೆಯಲ್ಲಿ ಪ್ರತಿವಾದಿಗಳಿಗೆ ಸಮನ್ಸ್ ಜಾರಿಯಾಗದ ಕಾರಣ ಈ ಪ್ರಕಟಣೆ ಮೂಲಕ ತಿಳಿಸುವುದೇನೆಂದರೆ, ದಿನಾಂಕ 18.10.2019 ರಂದು ಬೆಳಿಗ್ಗೆ 11.00 ಗಂಟೆಗೆ ಖುದ್ದಾಗಿ ಅಥವಾ ವಕೀಲರ ಮುಖಾಂತರ ನ್ಯಾಯಾಲಯಕ್ಕೆ ಹಾಜರಾಗತಕ್ಕದ್ದು. ತಪ್ಪಿದಲ್ಲಿ ನಿಮ್ಮ ಗೈರು ಹಾಜರಿಯಲ್ಲಿ ದಾವೆಯನ್ನು ತೀರ್ಮಾನಿಸಲಾಗುವುದು.
ಷೆಡ್ಯೂಲ್
ವಾದಿ: ಶ್ರೀಮತಿ ಅವರು, ನಂಜನಗೂಡು ತಾಲೂಕು. ಪ್ರತಿವಾದಿಗಳು: 1) ಶ್ರೀ ಅವರು. 2) ಶ್ರೀ ಅವರು. ಮೇಲ್ಕಂಡ ದಾವೆಯಲ್ಲಿ ಪ್ರತಿವಾದಿಗಳಿಗೆ ಸಮನ್ಸ್ ಜಾರಿಯಾಗದ ಕಾರಣ ಈ ಪ್ರಕಟಣೆ ಮೂಲಕ ತಿಳಿಸುವುದೇನೆಂದರೆ, ದಿನಾಂಕ 18.10.2019 ರಂದು ಬೆಳಿಗ್ಗೆ 11.00 ಗಂಟೆಗೆ ಖುದ್ದಾಗಿ ಅಥವಾ ವಕೀಲರ ಮುಖಾಂತರ ನ್ಯಾಯಾಲಯಕ್ಕೆ ಹಾಜರಾಗತಕ್ಕದ್ದು. ತಪ್ಪಿದಲ್ಲಿ ನಿಮ್ಮ ಗೈರು ಹಾಜರಿಯಲ್ಲಿ ದಾವೆಯನ್ನು ತೀರ್ಮಾನಿಸಲಾಗುವುದು.
ಆದೇಶದ ಮೇರೆಗೆ, ಶಿರಸ್ತೇದಾರರು, ಹಿರಿಯ ಸಿವಿಲ್ ನ್ಯಾಯಾಲಯ, ನಂಜನಗೂಡು
